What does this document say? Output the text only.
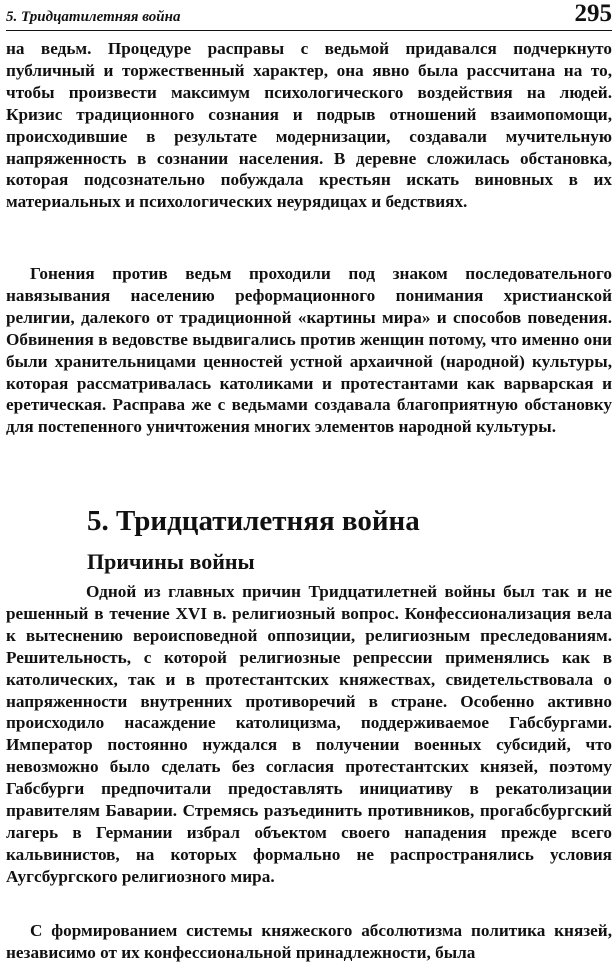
5. Тридцатилетняя война	295

на ведьм. Процедуре расправы с ведьмой придавался подчеркнуто публичный и торжественный характер, она явно была рассчитана на то, чтобы произвести максимум психологического воздействия на людей. Кризис традиционного сознания и подрыв отношений взаимопомощи, происходившие в результате модернизации, создавали мучительную напряженность в сознании населения. В деревне сложилась обстановка, которая подсознательно побуждала крестьян искать виновных в их материальных и психологических неурядицах и бедствиях.

Гонения против ведьм проходили под знаком последовательного навязывания населению реформационного понимания христианской религии, далекого от традиционной «картины мира» и способов поведения. Обвинения в ведовстве выдвигались против женщин потому, что именно они были хранительницами ценностей устной архаичной (народной) культуры, которая рассматривалась католиками и протестантами как варварская и еретическая. Расправа же с ведьмами создавала благоприятную обстановку для постепенного уничтожения многих элементов народной культуры.

5. Тридцатилетняя война
Причины войны

Одной из главных причин Тридцатилетней войны был так и не решенный в течение XVI в. религиозный вопрос. Конфессионализация вела к вытеснению вероисповедной оппозиции, религиозным преследованиям. Решительность, с которой религиозные репрессии применялись как в католических, так и в протестантских княжествах, свидетельствовала о напряженности внутренних противоречий в стране. Особенно активно происходило насаждение католицизма, поддерживаемое Габсбургами. Император постоянно нуждался в получении военных субсидий, что невозможно было сделать без согласия протестантских князей, поэтому Габсбурги предпочитали предоставлять инициативу в рекатолизации правителям Баварии. Стремясь разъединить противников, прогабсбургский лагерь в Германии избрал объектом своего нападения прежде всего кальвинистов, на которых формально не распространялись условия Аугсбургского религиозного мира.

С формированием системы княжеского абсолютизма политика князей, независимо от их конфессиональной принадлежности, была
